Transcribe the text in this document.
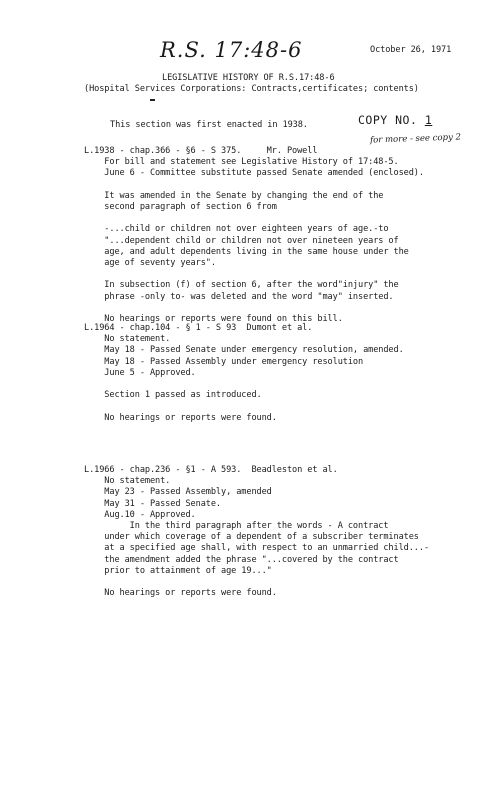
R.S. 17:48-6	October 26, 1971
LEGISLATIVE HISTORY OF R.S.17:48-6
(Hospital Services Corporations: Contracts,certificates; contents)
COPY NO. 1
for more - see copy 2
This section was first enacted in 1938.
L.1938 - chap.366 - §6 - S 375.     Mr. Powell
For bill and statement see Legislative History of 17:48-5.
June 6 - Committee substitute passed Senate amended (enclosed).

It was amended in the Senate by changing the end of the
second paragraph of section 6 from

-...child or children not over eighteen years of age.-to
"...dependent child or children not over nineteen years of
age, and adult dependents living in the same house under the
age of seventy years".

In subsection (f) of section 6, after the word"injury" the
phrase -only to- was deleted and the word "may" inserted.

No hearings or reports were found on this bill.
L.1964 - chap.104 - § 1 - S 93  Dumont et al.
No statement.
May 18 - Passed Senate under emergency resolution, amended.
May 18 - Passed Assembly under emergency resolution
June 5 - Approved.

Section 1 passed as introduced.

No hearings or reports were found.
L.1966 - chap.236 - §1 - A 593.  Beadleston et al.
No statement.
May 23 - Passed Assembly, amended
May 31 - Passed Senate.
Aug.10 - Approved.
In the third paragraph after the words - A contract
under which coverage of a dependent of a subscriber terminates
at a specified age shall, with respect to an unmarried child...-
the amendment added the phrase "...covered by the contract
prior to attainment of age 19..."

No hearings or reports were found.
